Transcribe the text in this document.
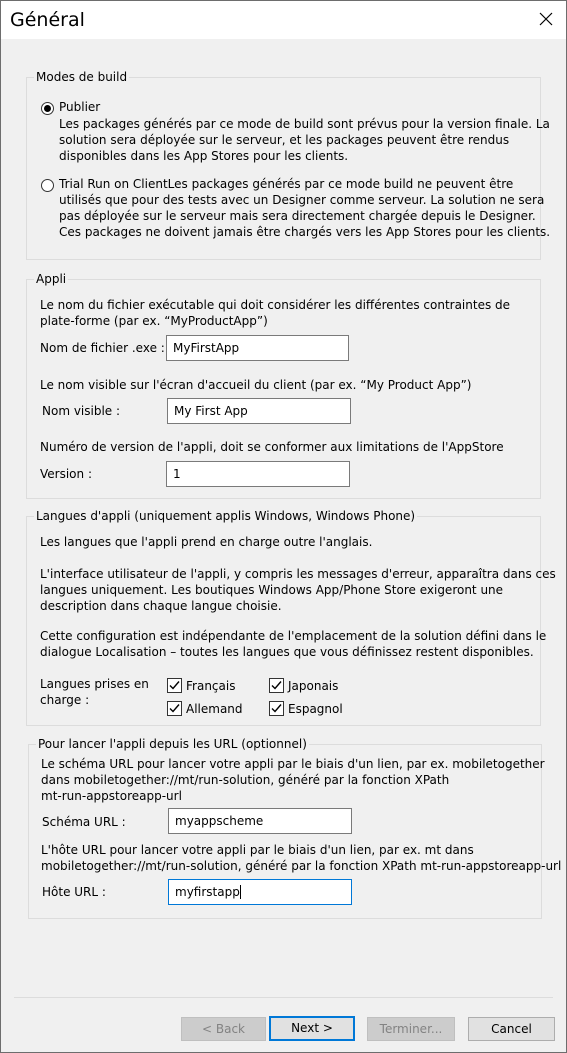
Général
Modes de build
Publier
Les packages générés par ce mode de build sont prévus pour la version finale. La
solution sera déployée sur le serveur, et les packages peuvent être rendus
disponibles dans les App Stores pour les clients.
Trial Run on ClientLes packages générés par ce mode build ne peuvent être
utilisés que pour des tests avec un Designer comme serveur. La solution ne sera
pas déployée sur le serveur mais sera directement chargée depuis le Designer.
Ces packages ne doivent jamais être chargés vers les App Stores pour les clients.
Appli
Le nom du fichier exécutable qui doit considérer les différentes contraintes de
plate-forme (par ex. “MyProductApp”)
Nom de fichier .exe : MyFirstApp
Le nom visible sur l'écran d'accueil du client (par ex. “My Product App”)
Nom visible :	My First App
Numéro de version de l'appli, doit se conformer aux limitations de l'AppStore
Version :	1
Langues d'appli (uniquement applis Windows, Windows Phone)
Les langues que l'appli prend en charge outre l'anglais.
L'interface utilisateur de l'appli, y compris les messages d'erreur, apparaîtra dans ces
langues uniquement. Les boutiques Windows App/Phone Store exigeront une
description dans chaque langue choisie.
Cette configuration est indépendante de l'emplacement de la solution défini dans le
dialogue Localisation – toutes les langues que vous définissez restent disponibles.
Langues prises en
charge :
Français	Japonais
Allemand	Espagnol
Pour lancer l'appli depuis les URL (optionnel)
Le schéma URL pour lancer votre appli par le biais d'un lien, par ex. mobiletogether
dans mobiletogether://mt/run-solution, généré par la fonction XPath
mt-run-appstoreapp-url
Schéma URL :	myappscheme
L'hôte URL pour lancer votre appli par le biais d'un lien, par ex. mt dans
mobiletogether://mt/run-solution, généré par la fonction XPath mt-run-appstoreapp-url
Hôte URL :	myfirstapp
< Back	Next >	Terminer...	Cancel
